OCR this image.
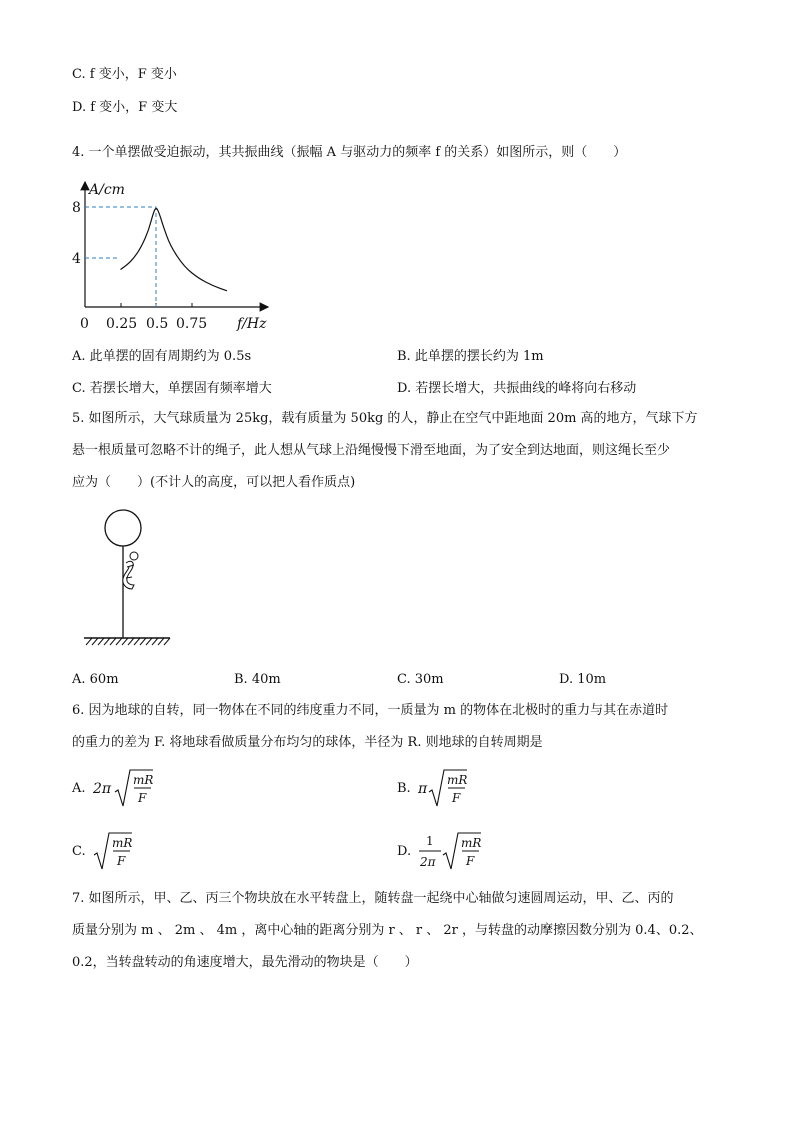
C. f 变小，F 变小
D. f 变小，F 变大
4. 一个单摆做受迫振动，其共振曲线（振幅 A 与驱动力的频率 f 的关系）如图所示，则（　　）
A/cm
8
4
0 0.25 0.5 0.75 f/Hz
A. 此单摆的固有周期约为 0.5s	B. 此单摆的摆长约为 1m
C. 若摆长增大，单摆固有频率增大	D. 若摆长增大，共振曲线的峰将向右移动
5. 如图所示，大气球质量为 25kg，载有质量为 50kg 的人，静止在空气中距地面 20m 高的地方，气球下方
悬一根质量可忽略不计的绳子，此人想从气球上沿绳慢慢下滑至地面，为了安全到达地面，则这绳长至少
应为（　　）(不计人的高度，可以把人看作质点)
A. 60m	B. 40m	C. 30m	D. 10m
6. 因为地球的自转，同一物体在不同的纬度重力不同，一质量为 m 的物体在北极时的重力与其在赤道时
的重力的差为 F. 将地球看做质量分布均匀的球体，半径为 R. 则地球的自转周期是
A. 2π
mR
F
B. π
mR
F
C.
mR
F
D.
1
2π
mR
F
7. 如图所示，甲、乙、丙三个物块放在水平转盘上，随转盘一起绕中心轴做匀速圆周运动，甲、乙、丙的
质量分别为 m 、 2m 、 4m ，离中心轴的距离分别为 r 、 r 、 2r ，与转盘的动摩擦因数分别为 0.4、0.2、
0.2，当转盘转动的角速度增大，最先滑动的物块是（　　）
